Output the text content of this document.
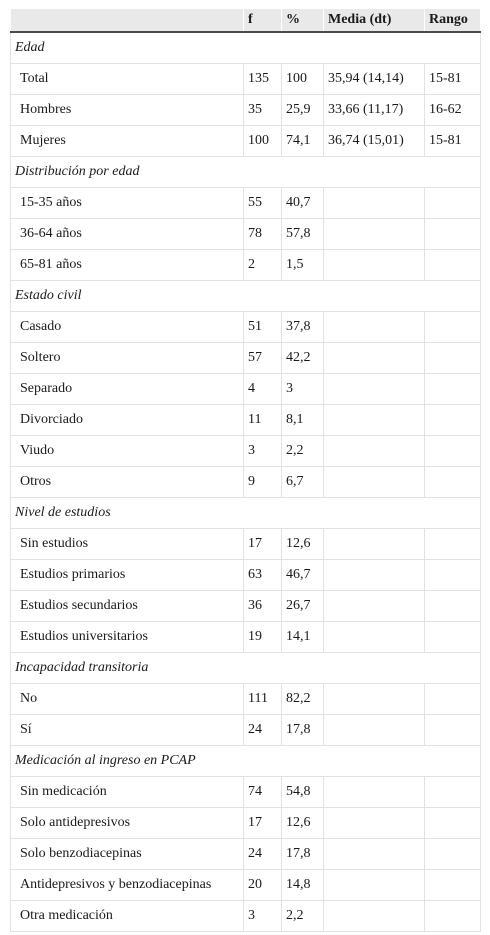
	f	%	Media (dt)	Rango
Edad				
Total	135	100	35,94 (14,14)	15-81
Hombres	35	25,9	33,66 (11,17)	16-62
Mujeres	100	74,1	36,74 (15,01)	15-81
Distribución por edad				
15-35 años	55	40,7		
36-64 años	78	57,8		
65-81 años	2	1,5		
Estado civil				
Casado	51	37,8		
Soltero	57	42,2		
Separado	4	3		
Divorciado	11	8,1		
Viudo	3	2,2		
Otros	9	6,7		
Nivel de estudios				
Sin estudios	17	12,6		
Estudios primarios	63	46,7		
Estudios secundarios	36	26,7		
Estudios universitarios	19	14,1		
Incapacidad transitoria				
No	111	82,2		
Sí	24	17,8		
Medicación al ingreso en PCAP				
Sin medicación	74	54,8		
Solo antidepresivos	17	12,6		
Solo benzodiacepinas	24	17,8		
Antidepresivos y benzodiacepinas	20	14,8		
Otra medicación	3	2,2		
